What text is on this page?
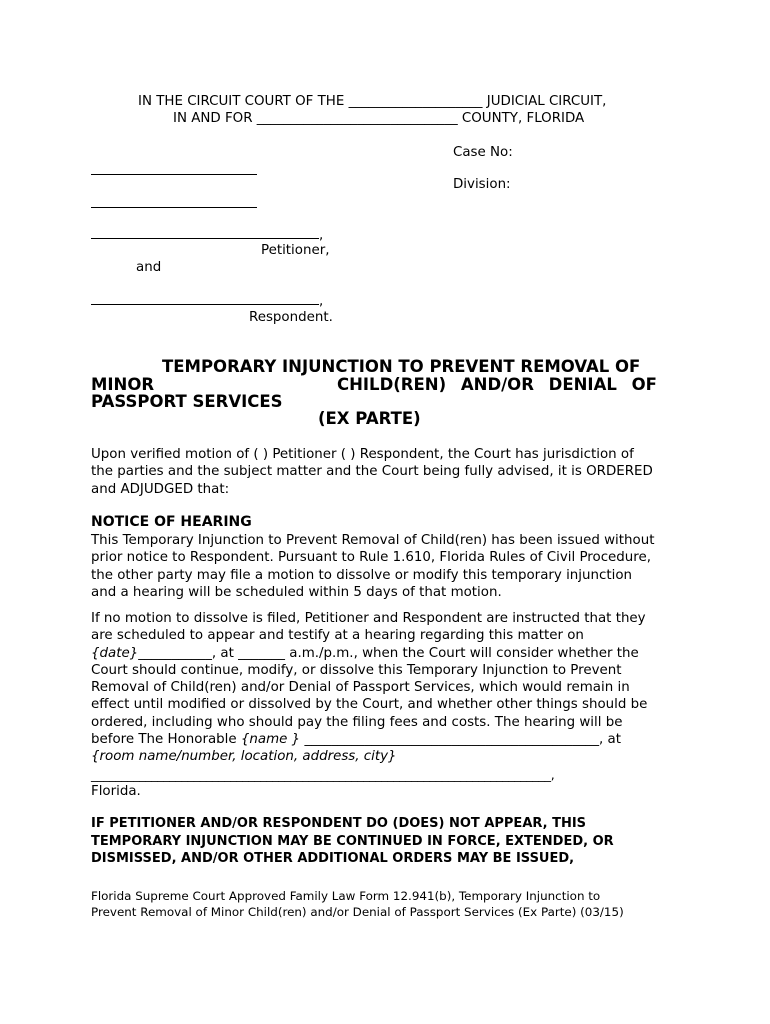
IN THE CIRCUIT COURT OF THE ____________________ JUDICIAL CIRCUIT,
IN AND FOR ______________________________ COUNTY, FLORIDA
Case No:
Division:
,
Petitioner,
and
,
Respondent.
TEMPORARY INJUNCTION TO PREVENT REMOVAL OF
MINOR	CHILD(REN) AND/OR DENIAL OF
PASSPORT SERVICES
(EX PARTE)

Upon verified motion of ( ) Petitioner ( ) Respondent, the Court has jurisdiction of

the parties and the subject matter and the Court being fully advised, it is ORDERED

and ADJUDGED that:

NOTICE OF HEARING

This Temporary Injunction to Prevent Removal of Child(ren) has been issued without

prior notice to Respondent. Pursuant to Rule 1.610, Florida Rules of Civil Procedure,

the other party may file a motion to dissolve or modify this temporary injunction

and a hearing will be scheduled within 5 days of that motion.

If no motion to dissolve is filed, Petitioner and Respondent are instructed that they

are scheduled to appear and testify at a hearing regarding this matter on

{date}___________, at _______ a.m./p.m., when the Court will consider whether the

Court should continue, modify, or dissolve this Temporary Injunction to Prevent

Removal of Child(ren) and/or Denial of Passport Services, which would remain in

effect until modified or dissolved by the Court, and whether other things should be

ordered, including who should pay the filing fees and costs. The hearing will be

before The Honorable {name } ____________________________________________, at

{room name/number, location, address, city}

____________________________________________________________________________,

Florida.

IF PETITIONER AND/OR RESPONDENT DO (DOES) NOT APPEAR, THIS
TEMPORARY INJUNCTION MAY BE CONTINUED IN FORCE, EXTENDED, OR
DISMISSED, AND/OR OTHER ADDITIONAL ORDERS MAY BE ISSUED,
Florida Supreme Court Approved Family Law Form 12.941(b), Temporary Injunction to
Prevent Removal of Minor Child(ren) and/or Denial of Passport Services (Ex Parte) (03/15)
